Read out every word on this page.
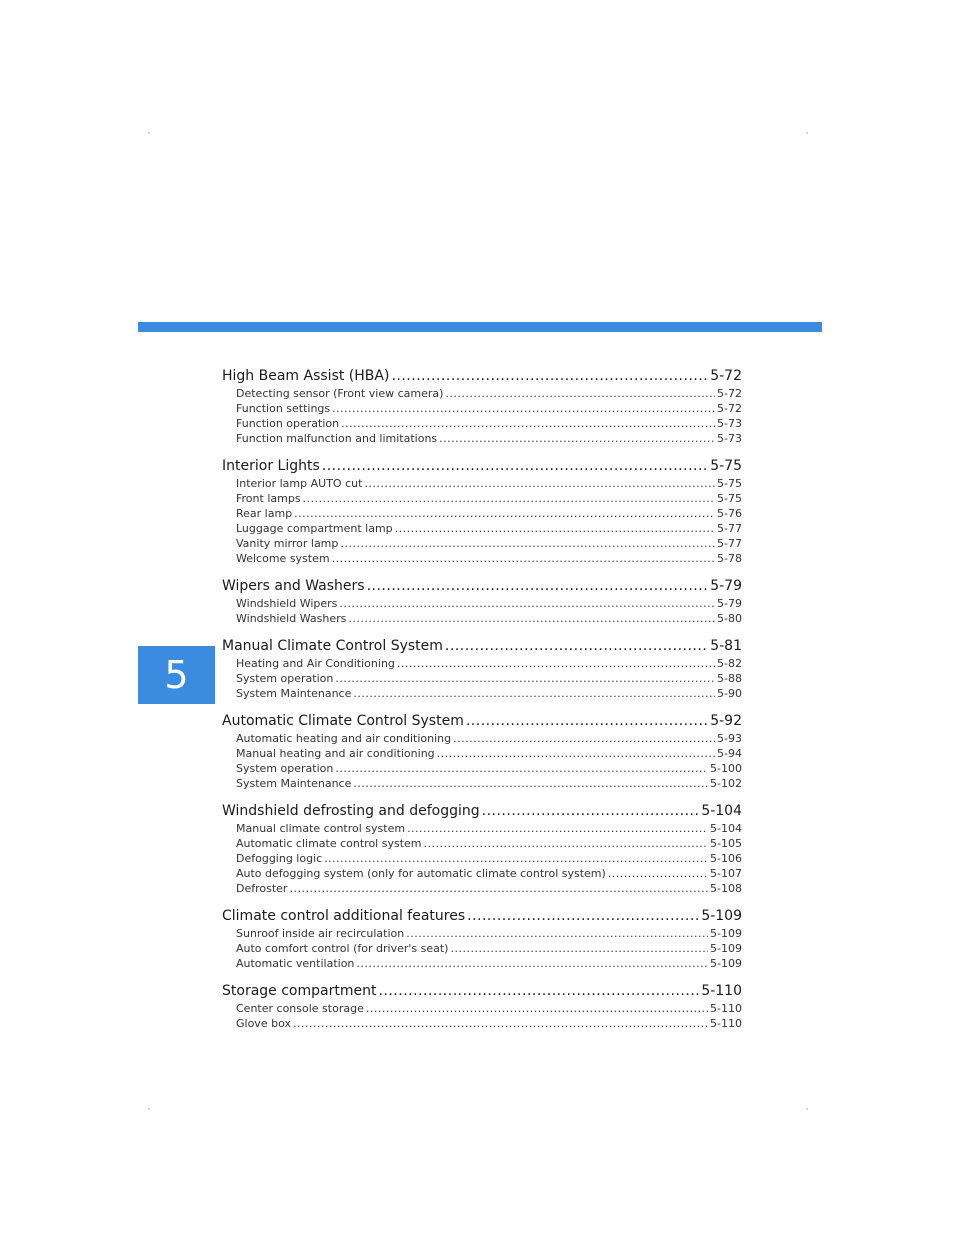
5
High Beam Assist (HBA) .....	5-72
Detecting sensor (Front view camera) .....	5-72
Function settings .....	5-72
Function operation .....	5-73
Function malfunction and limitations .....	5-73
Interior Lights .....	5-75
Interior lamp AUTO cut .....	5-75
Front lamps .....	5-75
Rear lamp .....	5-76
Luggage compartment lamp .....	5-77
Vanity mirror lamp .....	5-77
Welcome system .....	5-78
Wipers and Washers .....	5-79
Windshield Wipers .....	5-79
Windshield Washers .....	5-80
Manual Climate Control System .....	5-81
Heating and Air Conditioning .....	5-82
System operation .....	5-88
System Maintenance .....	5-90
Automatic Climate Control System .....	5-92
Automatic heating and air conditioning .....	5-93
Manual heating and air conditioning .....	5-94
System operation .....	5-100
System Maintenance .....	5-102
Windshield defrosting and defogging .....	5-104
Manual climate control system .....	5-104
Automatic climate control system .....	5-105
Defogging logic .....	5-106
Auto defogging system (only for automatic climate control system) .....	5-107
Defroster .....	5-108
Climate control additional features .....	5-109
Sunroof inside air recirculation .....	5-109
Auto comfort control (for driver's seat) .....	5-109
Automatic ventilation .....	5-109
Storage compartment .....	5-110
Center console storage .....	5-110
Glove box .....	5-110
